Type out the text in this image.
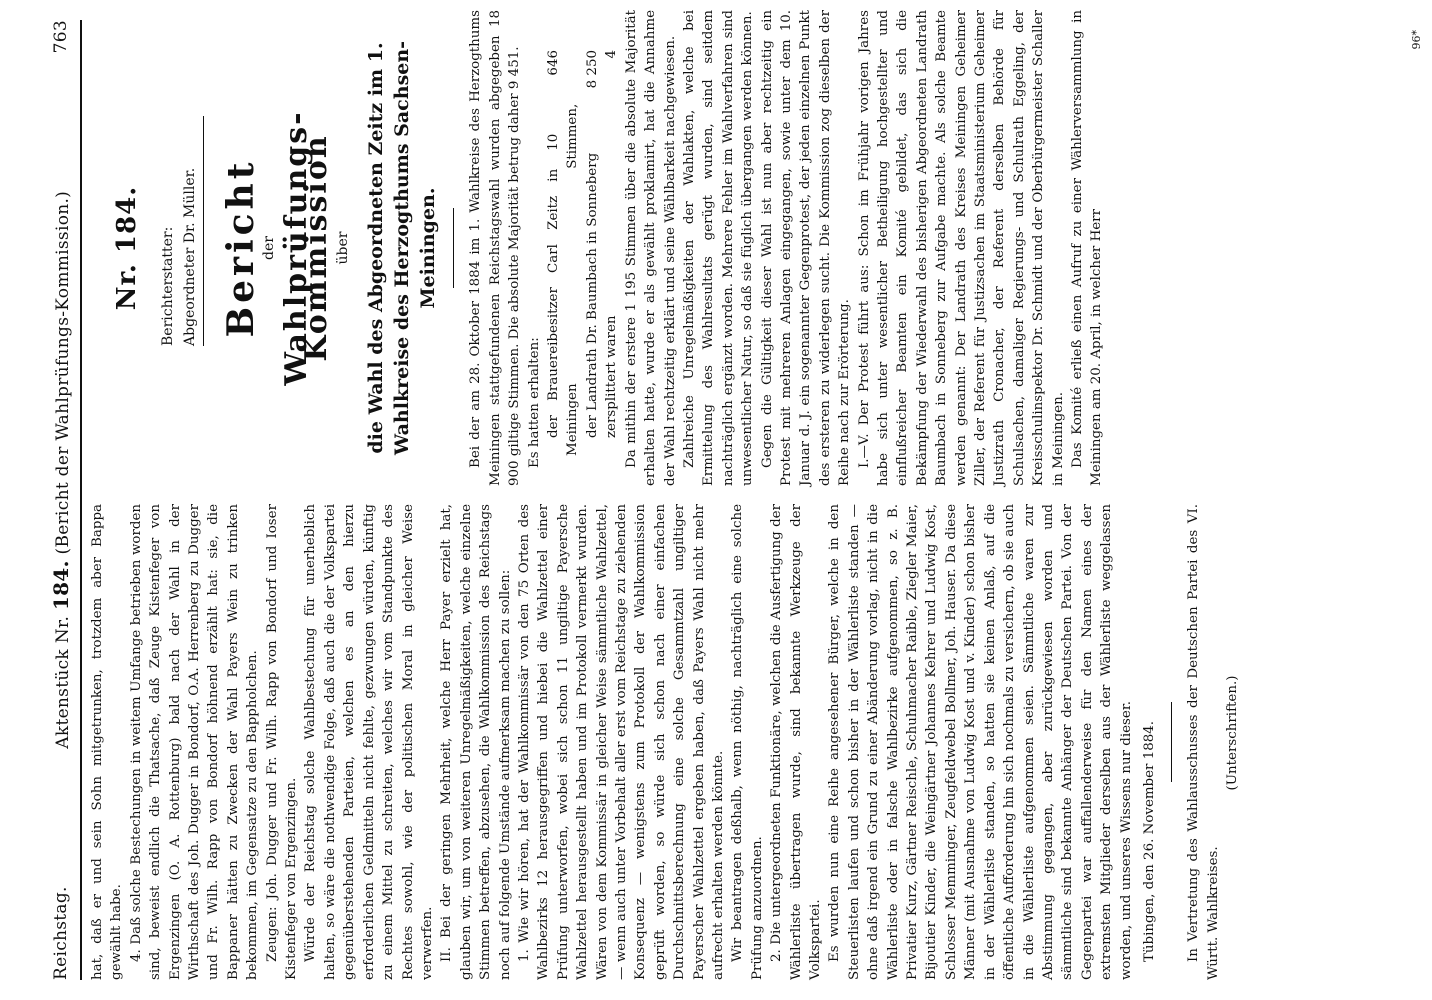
Reichstag.
Aktenstück Nr. 184. (Bericht der Wahlprüfungs-Kommission.)
763

hat, daß er und sein Sohn mitgetrunken, trotzdem aber Bappa gewählt habe. 4. Daß solche Bestechungen in weitem Umfange betrieben worden sind, beweist endlich die Thatsache, daß Zeuge Kistenfeger von Ergenzingen (O. A. Rottenburg) bald nach der Wahl in der Wirthschaft des Joh. Dugger in Bondorf, O.A. Herrenberg zu Dugger und Fr. Wilh. Rapp von Bondorf höhnend erzählt hat: sie, die Bappaner hätten zu Zwecken der Wahl Payers Wein zu trinken bekommen, im Gegensatze zu den Bappholchen. Zeugen: Joh. Dugger und Fr. Wilh. Rapp von Bondorf und Ioser Kistenfeger von Ergenzingen. Würde der Reichstag solche Wahlbestechung für unerheblich halten, so wäre die nothwendige Folge, daß auch die der Volkspartei gegenüberstehenden Parteien, welchen es an den hierzu erforderlichen Geldmitteln nicht fehlte, gezwungen würden, künftig zu einem Mittel zu schreiten, welches wir vom Standpunkte des Rechtes sowohl, wie der politischen Moral in gleicher Weise verwerfen. II. Bei der geringen Mehrheit, welche Herr Payer erzielt hat, glauben wir, um von weiteren Unregelmäßigkeiten, welche einzelne Stimmen betreffen, abzusehen, die Wahlkommission des Reichstags noch auf folgende Umstände aufmerksam machen zu sollen: 1. Wie wir hören, hat der Wahlkommissär von den 75 Orten des Wahlbezirks 12 herausgegriffen und hiebei die Wahlzettel einer Prüfung unterworfen, wobei sich schon 11 ungiltige Payersche Wahlzettel herausgestellt haben und im Protokoll vermerkt wurden. Wären von dem Kommissär in gleicher Weise sämmtliche Wahlzettel, — wenn auch unter Vorbehalt aller erst vom Reichstage zu ziehenden Konsequenz — wenigstens zum Protokoll der Wahlkommission geprüft worden, so würde sich schon nach einer einfachen Durchschnittsberechnung eine solche Gesammtzahl ungiltiger Payerscher Wahlzettel ergeben haben, daß Payers Wahl nicht mehr aufrecht erhalten werden könnte. Wir beantragen deßhalb, wenn nöthig, nachträglich eine solche Prüfung anzuordnen. 2. Die untergeordneten Funktionäre, welchen die Ausfertigung der Wählerliste übertragen wurde, sind bekannte Werkzeuge der Volkspartei. Es wurden nun eine Reihe angesehener Bürger, welche in den Steuerlisten laufen und schon bisher in der Wählerliste standen — ohne daß irgend ein Grund zu einer Abänderung vorlag, nicht in die Wählerliste oder in falsche Wahlbezirke aufgenommen, so z. B. Privatier Kurz, Gärtner Reischle, Schuhmacher Raible, Ziegler Maier, Bijoutier Kinder, die Weingärtner Johannes Kehrer und Ludwig Kost, Schlosser Memminger, Zeugfeldwebel Bollmer, Joh. Hauser. Da diese Männer (mit Ausnahme von Ludwig Kost und v. Kinder) schon bisher in der Wählerliste standen, so hatten sie keinen Anlaß, auf die öffentliche Aufforderung hin sich nochmals zu versichern, ob sie auch in die Wählerliste aufgenommen seien. Sämmtliche waren zur Abstimmung gegangen, aber zurückgewiesen worden und sämmtliche sind bekannte Anhänger der Deutschen Partei. Von der Gegenpartei war auffallenderweise für den Namen eines der extremsten Mitglieder derselben aus der Wählerliste weggelassen worden, und unseres Wissens nur dieser. Tübingen, den 26. November 1884. In Vertretung des Wahlausschusses der Deutschen Partei des VI. Württ. Wahlkreises.

(Unterschriften.)

Nr. 184. Berichterstatter: Abgeordneter Dr. Müller. Bericht
der Wahlprüfungs-Kommission über die Wahl des Abgeordneten Zeitz im 1. Wahlkreise des Herzogthums Sachsen-Meiningen. Bei der am 28. Oktober 1884 im 1. Wahlkreise des Herzogthums Meiningen stattgefundenen Reichstagswahl wurden abgegeben 18 900 giltige Stimmen. Die absolute Majorität betrug daher 9 451. Es hatten erhalten: der Brauereibesitzer Carl Zeitz in Meiningen
10 646 Stimmen,

der Landrath Dr. Baumbach in Sonneberg
8 250

zersplittert waren
4 Da mithin der erstere 1 195 Stimmen über die absolute Majorität erhalten hatte, wurde er als gewählt proklamirt, hat die Annahme der Wahl rechtzeitig erklärt und seine Wählbarkeit nachgewiesen. Zahlreiche Unregelmäßigkeiten der Wahlakten, welche bei Ermittelung des Wahlresultats gerügt wurden, sind seitdem nachträglich ergänzt worden. Mehrere Fehler im Wahlverfahren sind unwesentlicher Natur, so daß sie füglich übergangen werden können. Gegen die Gültigkeit dieser Wahl ist nun aber rechtzeitig ein Protest mit mehreren Anlagen eingegangen, sowie unter dem 10. Januar d. J. ein sogenannter Gegenprotest, der jeden einzelnen Punkt des ersteren zu widerlegen sucht. Die Kommission zog dieselben der Reihe nach zur Erörterung. I.—V. Der Protest führt aus: Schon im Frühjahr vorigen Jahres habe sich unter wesentlicher Betheiligung hochgestellter und einflußreicher Beamten ein Komité gebildet, das sich die Bekämpfung der Wiederwahl des bisherigen Abgeordneten Landrath Baumbach in Sonneberg zur Aufgabe machte. Als solche Beamte werden genannt: Der Landrath des Kreises Meiningen Geheimer Ziller, der Referent für Justizsachen im Staatsministerium Geheimer Justizrath Cronacher, der Referent derselben Behörde für Schulsachen, damaliger Regierungs- und Schulrath Eggeling, der Kreisschulinspektor Dr. Schmidt und der Oberbürgermeister Schaller in Meiningen. Das Komité erließ einen Aufruf zu einer Wählerversammlung in Meiningen am 20. April, in welcher Herr

96*
